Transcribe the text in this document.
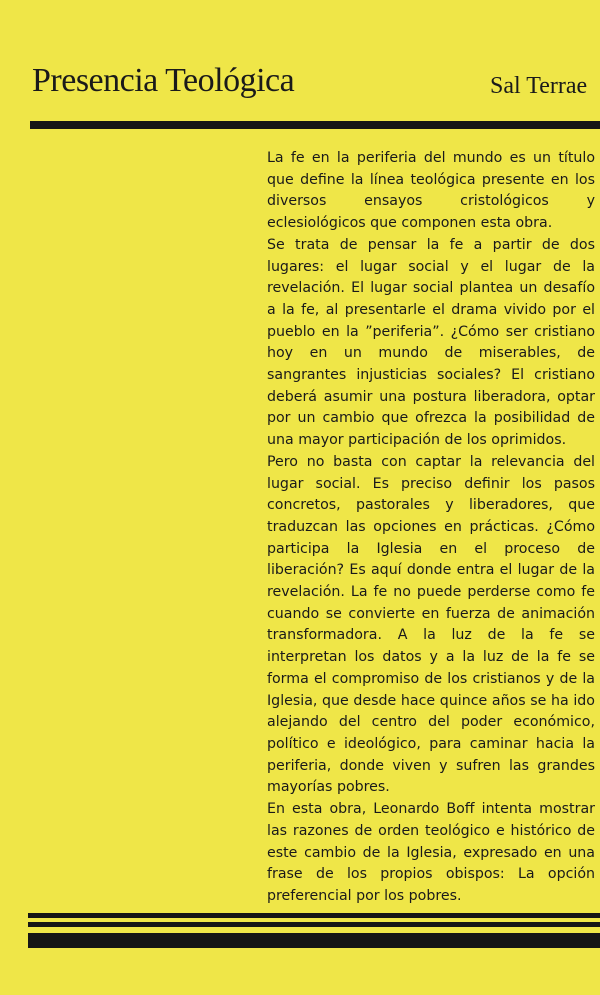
Presencia Teológica	Sal Terrae

La fe en la periferia del mundo es un título que define la línea teológica presente en los diversos ensayos cristológicos y eclesiológicos que componen esta obra.

Se trata de pensar la fe a partir de dos lugares: el lugar social y el lugar de la revelación. El lugar social plantea un desafío a la fe, al presentarle el drama vivido por el pueblo en la ”periferia”. ¿Cómo ser cristiano hoy en un mundo de miserables, de sangrantes injusticias sociales? El cristiano deberá asumir una postura liberadora, optar por un cambio que ofrezca la posibilidad de una mayor participación de los oprimidos.

Pero no basta con captar la relevancia del lugar social. Es preciso definir los pasos concretos, pastorales y liberadores, que traduzcan las opciones en prácticas. ¿Cómo participa la Iglesia en el proceso de liberación? Es aquí donde entra el lugar de la revelación. La fe no puede perderse como fe cuando se convierte en fuerza de animación transformadora. A la luz de la fe se interpretan los datos y a la luz de la fe se forma el compromiso de los cristianos y de la Iglesia, que desde hace quince años se ha ido alejando del centro del poder económico, político e ideológico, para caminar hacia la periferia, donde viven y sufren las grandes mayorías pobres.

En esta obra, Leonardo Boff intenta mostrar las razones de orden teológico e histórico de este cambio de la Iglesia, expresado en una frase de los propios obispos: La opción preferencial por los pobres.
